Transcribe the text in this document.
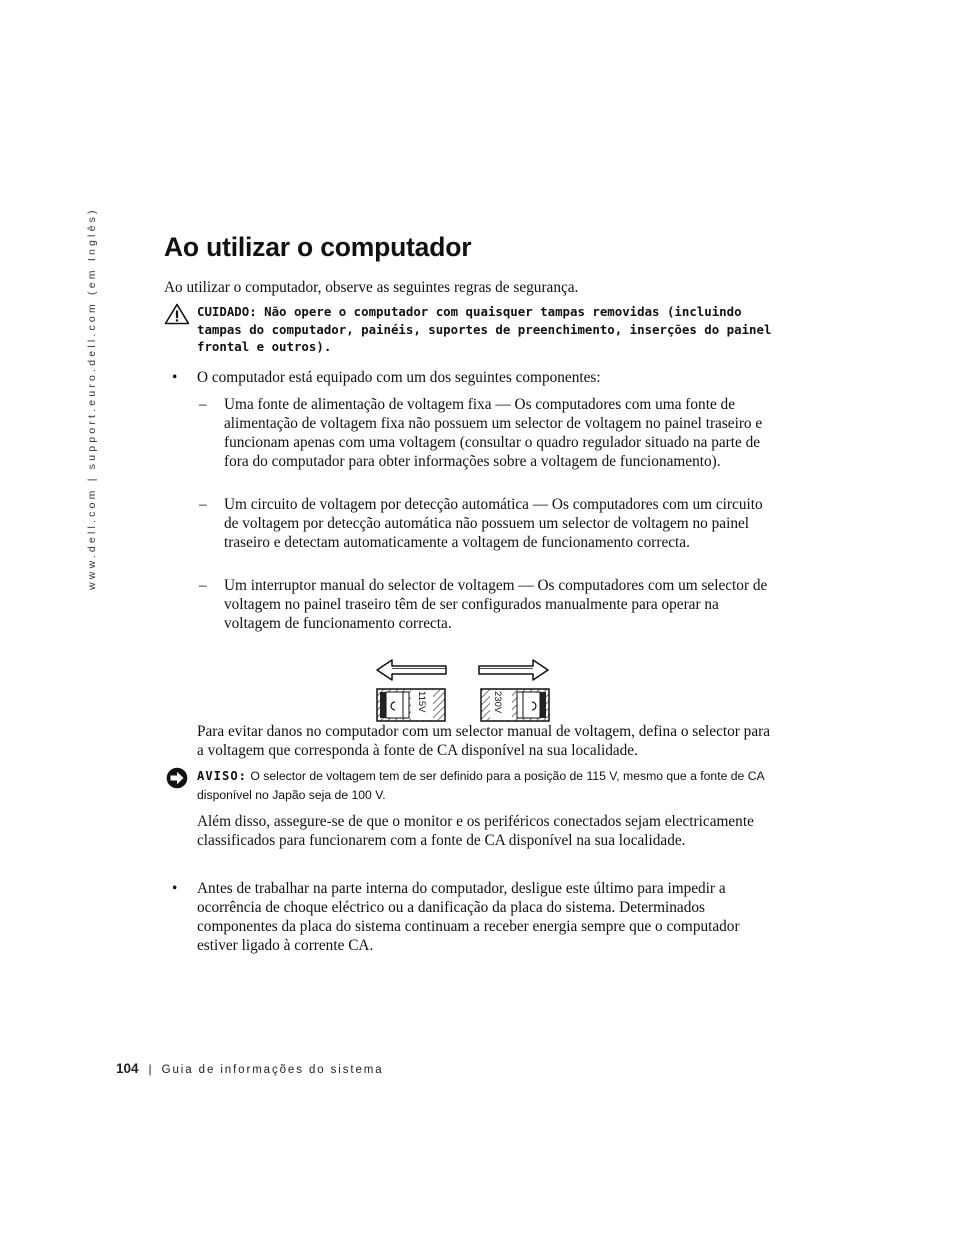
www.dell.com | support.euro.dell.com (em Inglês) Ao utilizar o computador
Ao utilizar o computador, observe as seguintes regras de segurança.
CUIDADO: Não opere o computador com quaisquer tampas removidas (incluindo tampas do computador, painéis, suportes de preenchimento, inserções do painel frontal e outros).
• O computador está equipado com um dos seguintes componentes:
– Uma fonte de alimentação de voltagem fixa — Os computadores com uma fonte de alimentação de voltagem fixa não possuem um selector de voltagem no painel traseiro e funcionam apenas com uma voltagem (consultar o quadro regulador situado na parte de fora do computador para obter informações sobre a voltagem de funcionamento).
– Um circuito de voltagem por detecção automática — Os computadores com um circuito de voltagem por detecção automática não possuem um selector de voltagem no painel traseiro e detectam automaticamente a voltagem de funcionamento correcta.
– Um interruptor manual do selector de voltagem — Os computadores com um selector de voltagem no painel traseiro têm de ser configurados manualmente para operar na voltagem de funcionamento correcta.
115V	230V
Para evitar danos no computador com um selector manual de voltagem, defina o selector para a voltagem que corresponda à fonte de CA disponível na sua localidade.
AVISO: O selector de voltagem tem de ser definido para a posição de 115 V, mesmo que a fonte de CA disponível no Japão seja de 100 V.
Além disso, assegure-se de que o monitor e os periféricos conectados sejam electricamente classificados para funcionarem com a fonte de CA disponível na sua localidade.
• Antes de trabalhar na parte interna do computador, desligue este último para impedir a ocorrência de choque eléctrico ou a danificação da placa do sistema. Determinados componentes da placa do sistema continuam a receber energia sempre que o computador estiver ligado à corrente CA.
104 | Guia de informações do sistema
